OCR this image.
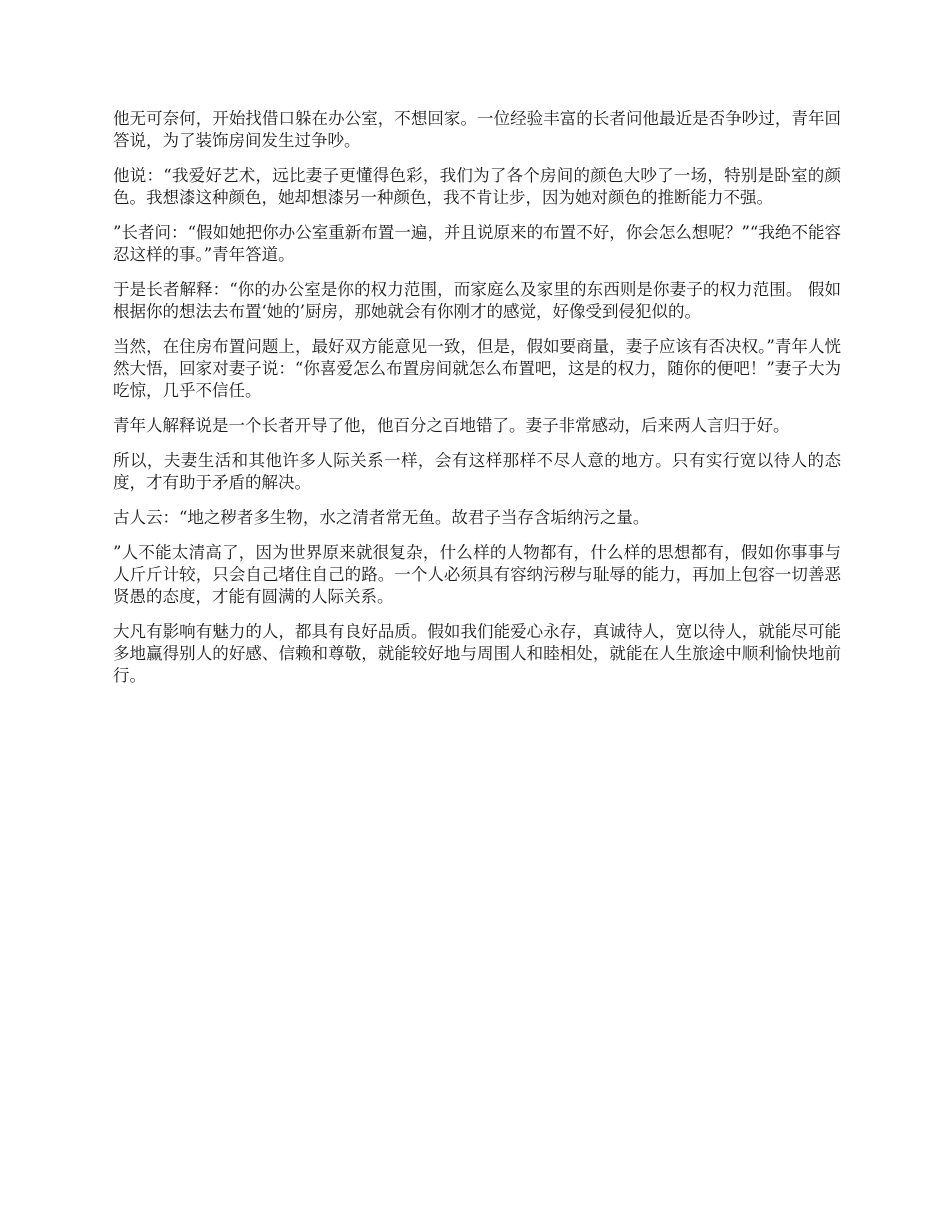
他无可奈何，开始找借口躲在办公室，不想回家。一位经验丰富的长者问他最近是否争吵过，青年回答说，为了装饰房间发生过争吵。

他说：“我爱好艺术，远比妻子更懂得色彩，我们为了各个房间的颜色大吵了一场，特别是卧室的颜色。我想漆这种颜色，她却想漆另一种颜色，我不肯让步，因为她对颜色的推断能力不强。

”长者问：“假如她把你办公室重新布置一遍，并且说原来的布置不好，你会怎么想呢？”“我绝不能容忍这样的事。”青年答道。

于是长者解释：“你的办公室是你的权力范围，而家庭么及家里的东西则是你妻子的权力范围。 假如根据你的想法去布置‘她的’厨房，那她就会有你刚才的感觉，好像受到侵犯似的。

当然，在住房布置问题上，最好双方能意见一致，但是，假如要商量，妻子应该有否决权。”青年人恍然大悟，回家对妻子说：“你喜爱怎么布置房间就怎么布置吧，这是的权力，随你的便吧！”妻子大为吃惊，几乎不信任。

青年人解释说是一个长者开导了他，他百分之百地错了。妻子非常感动，后来两人言归于好。

所以，夫妻生活和其他许多人际关系一样，会有这样那样不尽人意的地方。只有实行宽以待人的态度，才有助于矛盾的解决。

古人云：“地之秽者多生物，水之清者常无鱼。故君子当存含垢纳污之量。

”人不能太清高了，因为世界原来就很复杂，什么样的人物都有，什么样的思想都有，假如你事事与人斤斤计较，只会自己堵住自己的路。一个人必须具有容纳污秽与耻辱的能力，再加上包容一切善恶贤愚的态度，才能有圆满的人际关系。

大凡有影响有魅力的人，都具有良好品质。假如我们能爱心永存，真诚待人，宽以待人，就能尽可能多地赢得别人的好感、信赖和尊敬，就能较好地与周围人和睦相处，就能在人生旅途中顺利愉快地前行。
